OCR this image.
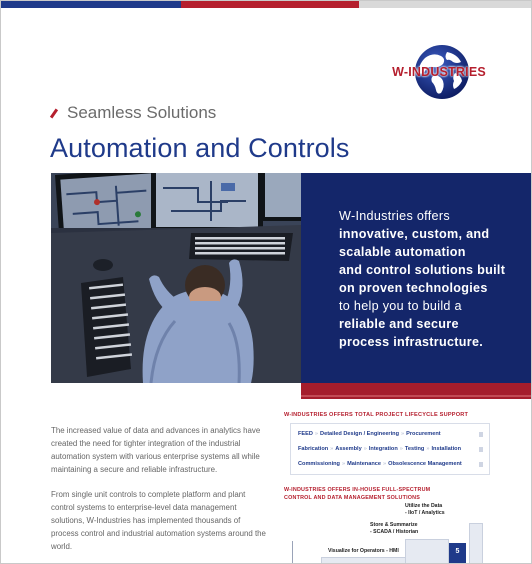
W-INDUSTRIES
Seamless Solutions
Automation and Controls
W-Industries offers
innovative, custom, and
scalable automation
and control solutions built
on proven technologies
to help you to build a
reliable and secure
process infrastructure.

The increased value of data and advances in analytics have created the need for tighter integration of the industrial automation system with various enterprise systems all while maintaining a secure and reliable infrastructure.

From single unit controls to complete platform and plant control systems to enterprise-level data management solutions, W-Industries has implemented thousands of process control and industrial automation systems around the world.

W-INDUSTRIES OFFERS TOTAL PROJECT LIFECYCLE SUPPORT
FEED » Detailed Design / Engineering » Procurement
Fabrication » Assembly » Integration » Testing » Installation
Commissioning » Maintenance » Obsolescence Management
W-INDUSTRIES OFFERS IN-HOUSE FULL-SPECTRUM
CONTROL AND DATA MANAGEMENT SOLUTIONS
Utilize the Data
- IIoT / Analytics
Store & Summarize
- SCADA / Historian
Visualize for Operators - HMI	5
